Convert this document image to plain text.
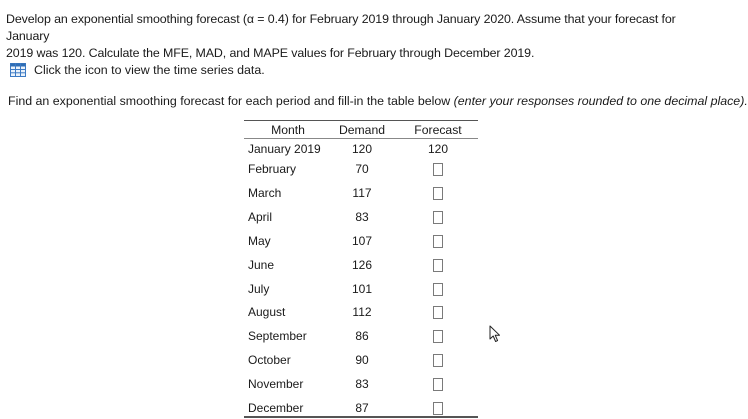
Develop an exponential smoothing forecast (α = 0.4) for February 2019 through January 2020. Assume that your forecast for January
2019 was 120. Calculate the MFE, MAD, and MAPE values for February through December 2019.
Click the icon to view the time series data.
Find an exponential smoothing forecast for each period and fill-in the table below (enter your responses rounded to one decimal place).
Month	Demand	Forecast
January 2019	120	120
February	70
March	117
April	83
May	107
June	126
July	101
August	112
September	86
October	90
November	83
December	87
